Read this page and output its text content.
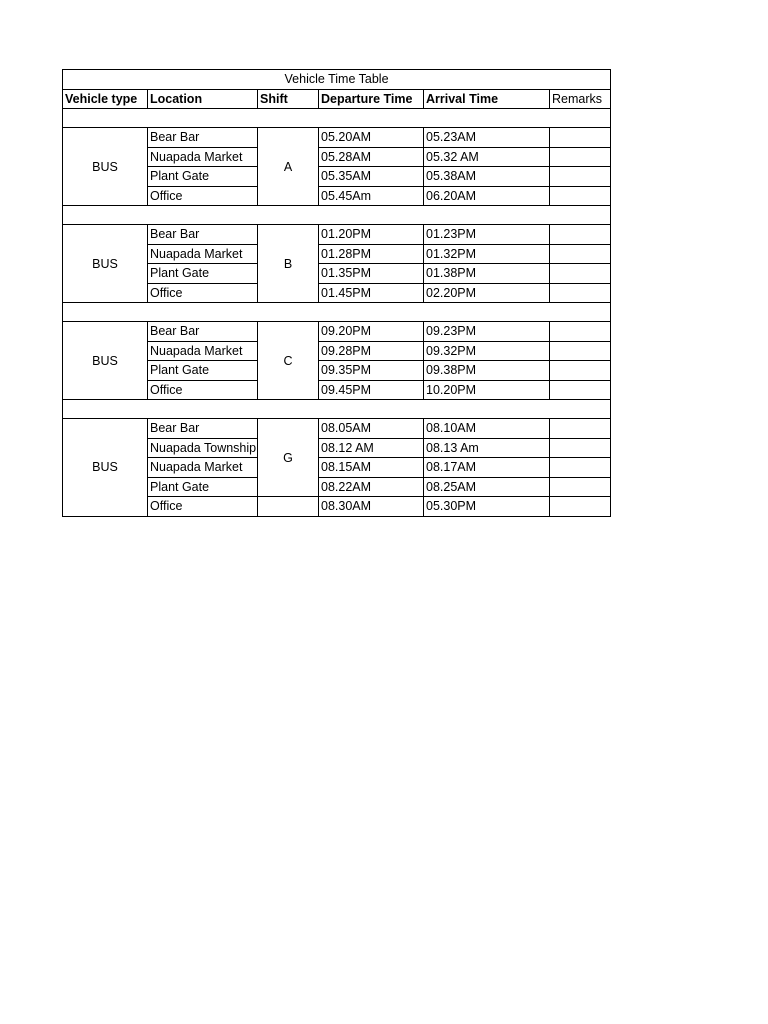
Vehicle Time Table					
Vehicle type	Location	Shift	Departure Time	Arrival Time	Remarks

BUS	Bear Bar	A	05.20AM	05.23AM	
	Nuapada Market		05.28AM	05.32 AM	
	Plant Gate		05.35AM	05.38AM	
	Office		05.45Am	06.20AM	

BUS	Bear Bar	B	01.20PM	01.23PM	
	Nuapada Market		01.28PM	01.32PM	
	Plant Gate		01.35PM	01.38PM	
	Office		01.45PM	02.20PM	

BUS	Bear Bar	C	09.20PM	09.23PM	
	Nuapada Market		09.28PM	09.32PM	
	Plant Gate		09.35PM	09.38PM	
	Office		09.45PM	10.20PM	

BUS	Bear Bar	G	08.05AM	08.10AM	
	Nuapada Township		08.12 AM	08.13 Am	
	Nuapada Market		08.15AM	08.17AM	
	Plant Gate		08.22AM	08.25AM	
	Office		08.30AM	05.30PM	
